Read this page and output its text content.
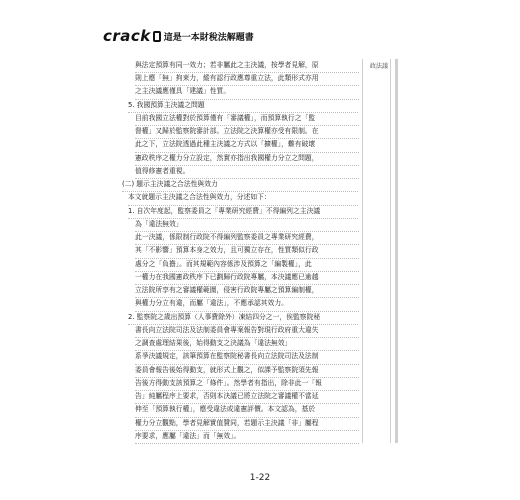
crack 這是一本財稅法解題書
與法定預算有同一效力；若非屬此之主決議，按學者見解，原
則上應「無」拘束力，縱有認行政應尊重立法，此類形式亦用
之主決議應僅具「建議」性質。
5. 我國預算主決議之問題
目前我國立法權對於預算僅有「審議權」，而預算執行之「監
督權」又歸於監察院審計部。立法院之決算權亦受有限制。在
此之下，立法院透過此種主決議之方式以「擴權」，難有破壞
憲政秩序之權力分立設定，然實亦指出我國權力分立之問題，
值得修憲者重視。
(二) 題示主決議之合法性與效力
本文就題示主決議之合法性與效力，分述如下：
1. 自次年度起，監察委員之「專業研究經費」不得編列之主決議
為「違法無效」
此一決議，係限制行政院不得編列監察委員之專業研究經費，
其「不影響」預算本身之效力，且可獨立存在，性質類似行政
處分之「負擔」。而其規範內容係涉及預算之「編製權」，此
一權力在我國憲政秩序下已劃歸行政院專屬，本決議應已逾越
立法院所享有之審議權範圍，侵害行政院專屬之預算編制權，
與權力分立有違，而屬「違法」，不應承認其效力。
2. 監察院之歲出預算（人事費除外）凍結四分之一，俟監察院秘
書長向立法院司法及法制委員會專案報告對現行政府重大違失
之調查處理結果後，始得動支之決議為「違法無效」
系爭決議規定，該筆預算在監察院秘書長向立法院司法及法制
委員會報告後始得動支，就形式上觀之，似課予監察院須先報
告後方得動支該預算之「條件」。然學者有指出，除非此一「報
告」純屬程序上要求，否則本決議已將立法院之審議權不當延
伸至「預算執行權」，應受違法或違憲評價。本文認為，基於
權力分立觀點，學者見解實值贊同，若題示主決議「非」屬程
序要求，應屬「違法」而「無效」。
政法議
1-22
